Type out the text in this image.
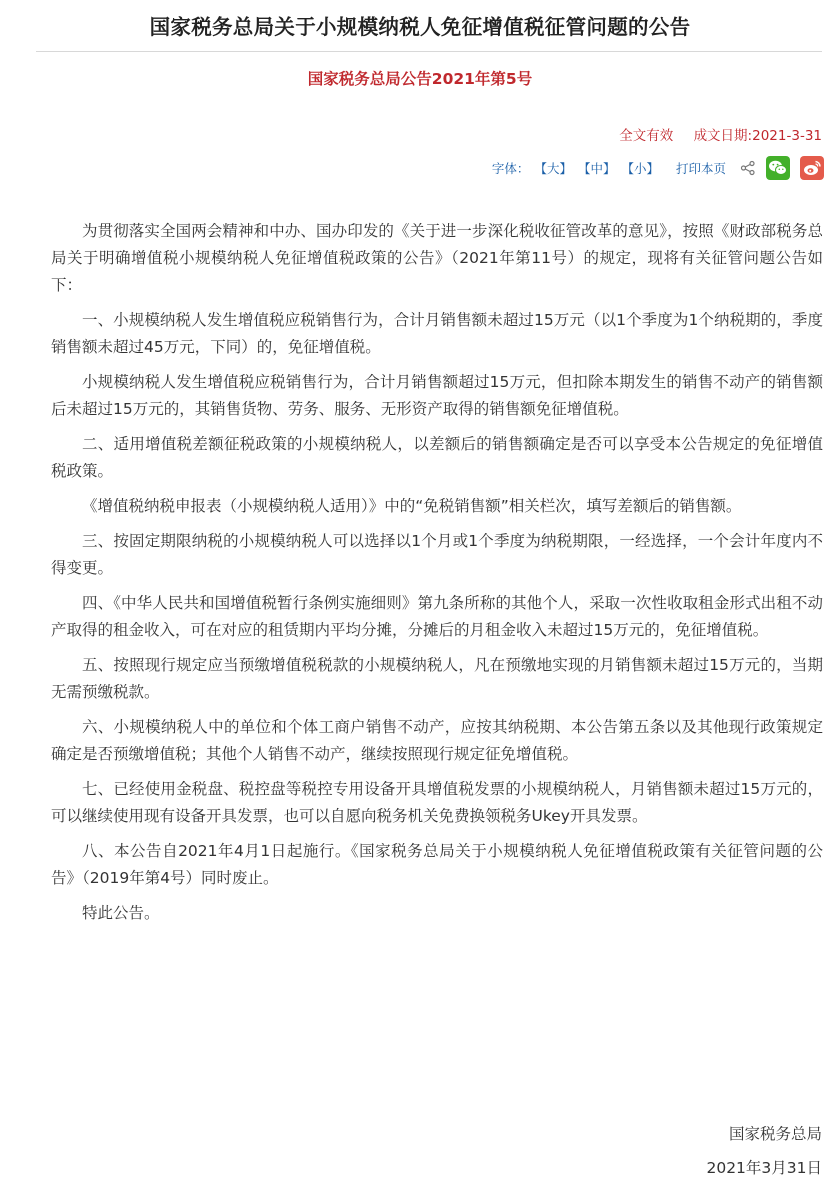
国家税务总局关于小规模纳税人免征增值税征管问题的公告
国家税务总局公告2021年第5号
全文有效 成文日期:2021-3-31
字体： 【大】 【中】 【小】 打印本页

为贯彻落实全国两会精神和中办、国办印发的《关于进一步深化税收征管改革的意见》，按照《财政部税务总局关于明确增值税小规模纳税人免征增值税政策的公告》（2021年第11号）的规定，现将有关征管问题公告如下：

一、小规模纳税人发生增值税应税销售行为，合计月销售额未超过15万元（以1个季度为1个纳税期的，季度销售额未超过45万元，下同）的，免征增值税。

小规模纳税人发生增值税应税销售行为，合计月销售额超过15万元，但扣除本期发生的销售不动产的销售额后未超过15万元的，其销售货物、劳务、服务、无形资产取得的销售额免征增值税。

二、适用增值税差额征税政策的小规模纳税人，以差额后的销售额确定是否可以享受本公告规定的免征增值税政策。

《增值税纳税申报表（小规模纳税人适用）》中的“免税销售额”相关栏次，填写差额后的销售额。

三、按固定期限纳税的小规模纳税人可以选择以1个月或1个季度为纳税期限，一经选择，一个会计年度内不得变更。

四、《中华人民共和国增值税暂行条例实施细则》第九条所称的其他个人，采取一次性收取租金形式出租不动产取得的租金收入，可在对应的租赁期内平均分摊，分摊后的月租金收入未超过15万元的，免征增值税。

五、按照现行规定应当预缴增值税税款的小规模纳税人，凡在预缴地实现的月销售额未超过15万元的，当期无需预缴税款。

六、小规模纳税人中的单位和个体工商户销售不动产，应按其纳税期、本公告第五条以及其他现行政策规定确定是否预缴增值税；其他个人销售不动产，继续按照现行规定征免增值税。

七、已经使用金税盘、税控盘等税控专用设备开具增值税发票的小规模纳税人，月销售额未超过15万元的，可以继续使用现有设备开具发票，也可以自愿向税务机关免费换领税务Ukey开具发票。

八、本公告自2021年4月1日起施行。《国家税务总局关于小规模纳税人免征增值税政策有关征管问题的公告》（2019年第4号）同时废止。

特此公告。

国家税务总局
2021年3月31日
